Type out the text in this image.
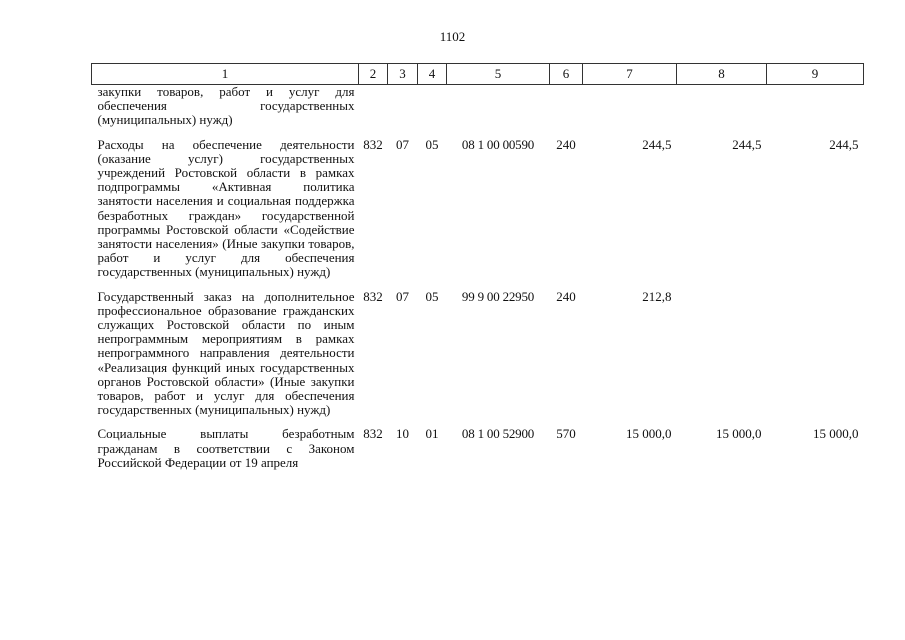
1102
1	2	3	4	5	6	7	8	9
закупки товаров, работ и услуг для обеспечения государственных (муниципальных) нужд)								
Расходы на обеспечение деятельности (оказание услуг) государственных учреждений Ростовской области в рамках подпрограммы «Активная политика занятости населения и социальная поддержка безработных граждан» государственной программы Ростовской области «Содействие занятости населения» (Иные закупки товаров, работ и услуг для обеспечения государственных (муниципальных) нужд)	832	07	05	08 1 00 00590	240	244,5	244,5	244,5
Государственный заказ на дополнительное профессиональное образование гражданских служащих Ростовской области по иным непрограммным мероприятиям в рамках непрограммного направления деятельности «Реализация функций иных государственных органов Ростовской области» (Иные закупки товаров, работ и услуг для обеспечения государственных (муниципальных) нужд)	832	07	05	99 9 00 22950	240	212,8		
Социальные выплаты безработным гражданам в соответствии с Законом Российской Федерации от 19 апреля	832	10	01	08 1 00 52900	570	15 000,0	15 000,0	15 000,0
